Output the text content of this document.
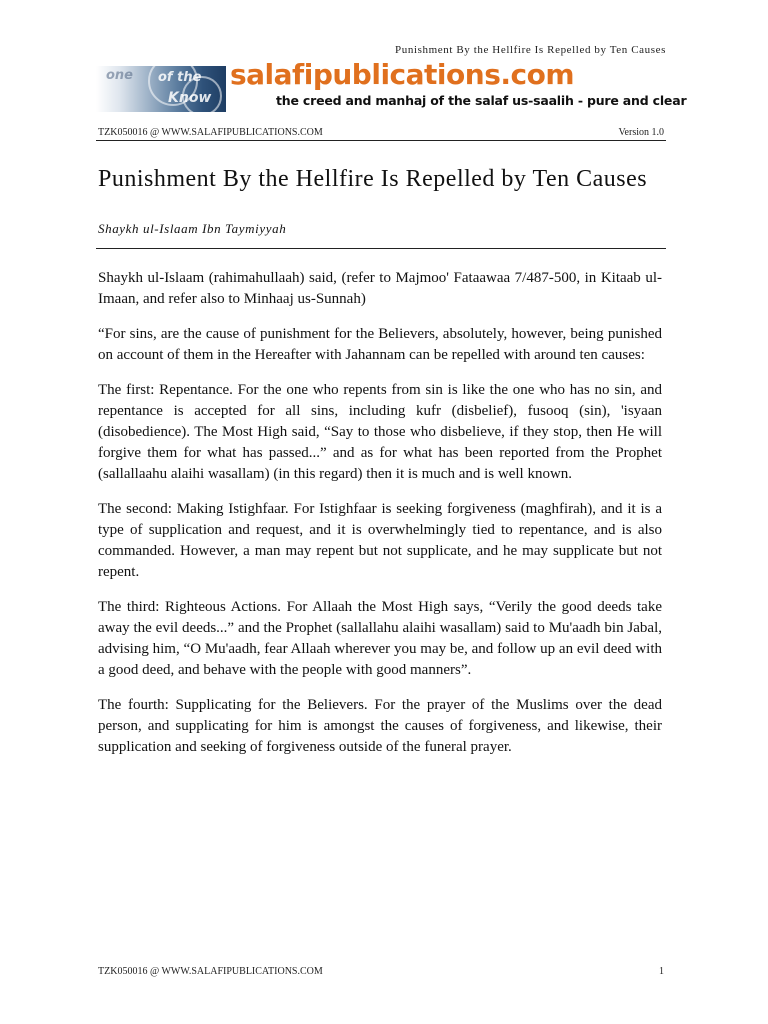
Punishment By the Hellfire Is Repelled by Ten Causes
one of the
Know
salafipublications.com
the creed and manhaj of the salaf us-saalih - pure and clear
TZK050016 @ WWW.SALAFIPUBLICATIONS.COM	Version 1.0
Punishment By the Hellfire Is Repelled by Ten Causes
Shaykh ul-Islaam Ibn Taymiyyah

Shaykh ul-Islaam (rahimahullaah) said, (refer to Majmoo' Fataawaa 7/487-500, in Kitaab ul-Imaan, and refer also to Minhaaj us-Sunnah)

“For sins, are the cause of punishment for the Believers, absolutely, however, being punished on account of them in the Hereafter with Jahannam can be repelled with around ten causes:

The first: Repentance. For the one who repents from sin is like the one who has no sin, and repentance is accepted for all sins, including kufr (disbelief), fusooq (sin), 'isyaan (disobedience). The Most High said, “Say to those who disbelieve, if they stop, then He will forgive them for what has passed...” and as for what has been reported from the Prophet (sallallaahu alaihi wasallam) (in this regard) then it is much and is well known.

The second: Making Istighfaar. For Istighfaar is seeking forgiveness (maghfirah), and it is a type of supplication and request, and it is overwhelmingly tied to repentance, and is also commanded. However, a man may repent but not supplicate, and he may supplicate but not repent.

The third: Righteous Actions. For Allaah the Most High says, “Verily the good deeds take away the evil deeds...” and the Prophet (sallallahu alaihi wasallam) said to Mu'aadh bin Jabal, advising him, “O Mu'aadh, fear Allaah wherever you may be, and follow up an evil deed with a good deed, and behave with the people with good manners”.

The fourth: Supplicating for the Believers. For the prayer of the Muslims over the dead person, and supplicating for him is amongst the causes of forgiveness, and likewise, their supplication and seeking of forgiveness outside of the funeral prayer.

TZK050016 @ WWW.SALAFIPUBLICATIONS.COM	1
